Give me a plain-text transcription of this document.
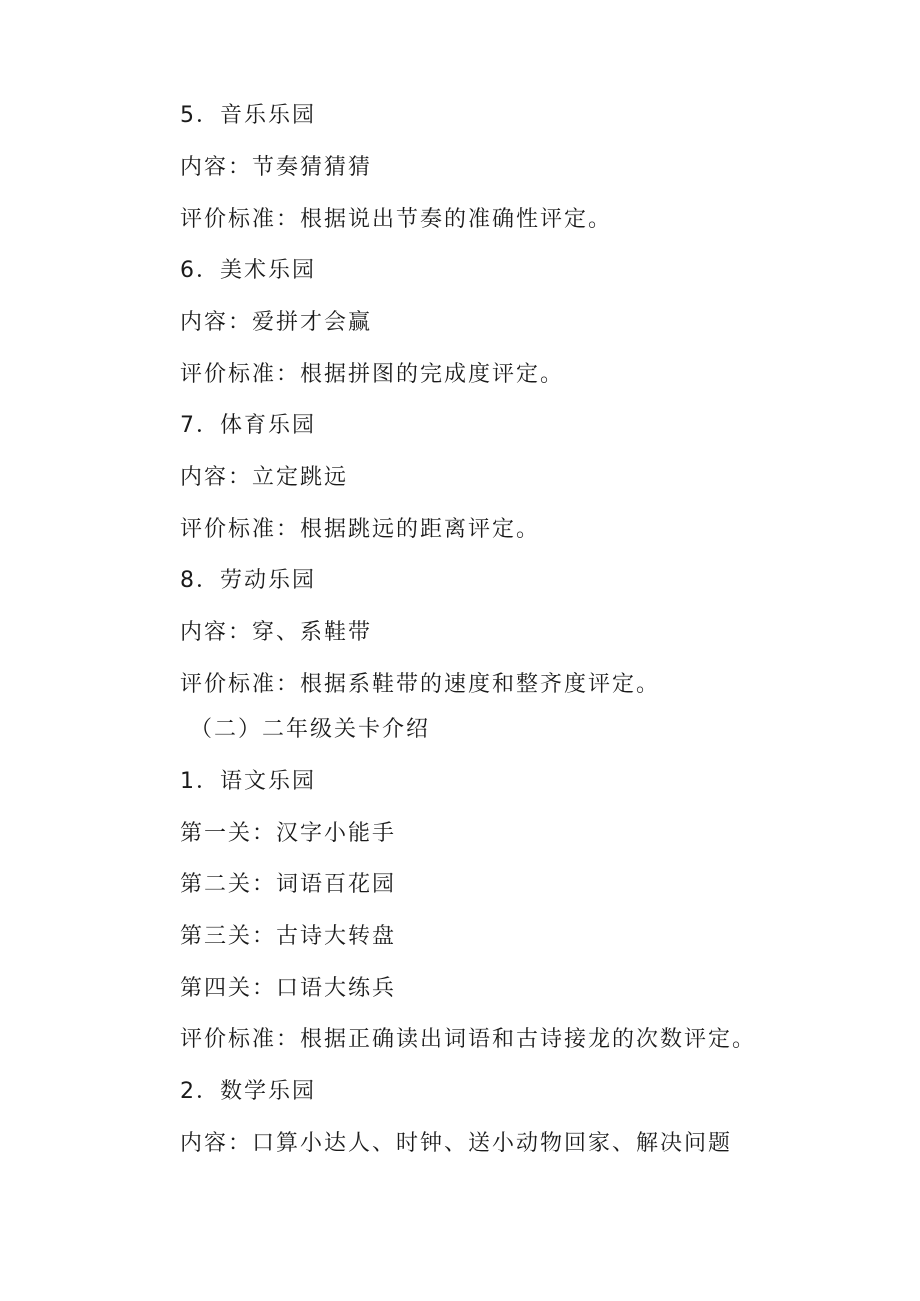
5．音乐乐园
内容：节奏猜猜猜
评价标准：根据说出节奏的准确性评定。
6．美术乐园
内容：爱拼才会赢
评价标准：根据拼图的完成度评定。
7．体育乐园
内容：立定跳远
评价标准：根据跳远的距离评定。
8．劳动乐园
内容：穿、系鞋带
评价标准：根据系鞋带的速度和整齐度评定。
（二）二年级关卡介绍
1．语文乐园
第一关：汉字小能手
第二关：词语百花园
第三关：古诗大转盘
第四关：口语大练兵
评价标准：根据正确读出词语和古诗接龙的次数评定。
2．数学乐园
内容：口算小达人、时钟、送小动物回家、解决问题
